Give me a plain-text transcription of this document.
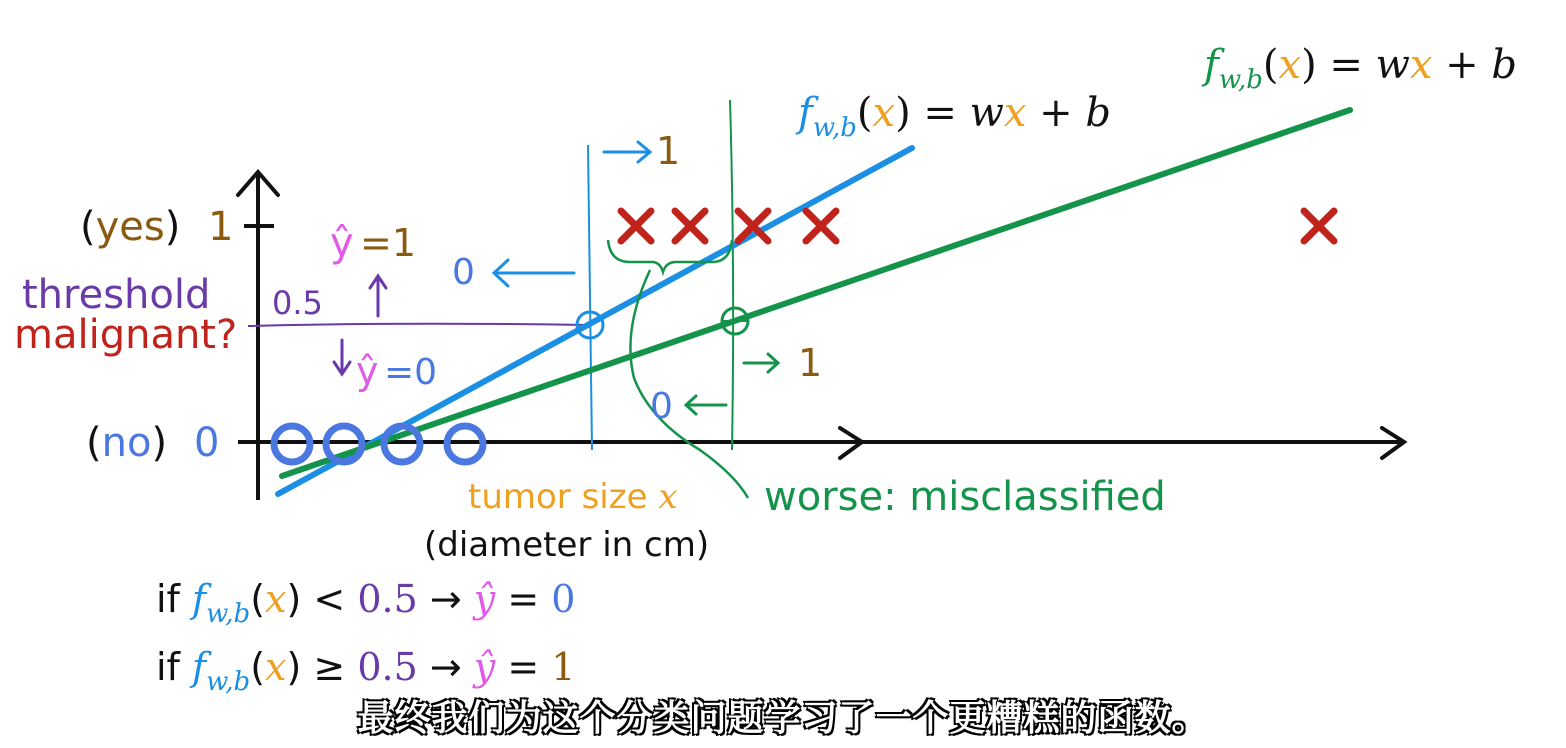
(yes) 1
(no) 0
threshold
malignant?
0.5
ŷ =1
ŷ =0
0
1
1
0
worse: misclassified
tumor size x
(diameter in cm)
$f_{w,b}(x)$ = wx + b
$f_{w,b}(x)$ = wx + b
if $f_{w,b}(x) < 0.5$ → ŷ = 0
if $f_{w,b}(x) \ge 0.5$ → ŷ = 1
最终我们为这个分类问题学习了一个更糟糕的函数。
